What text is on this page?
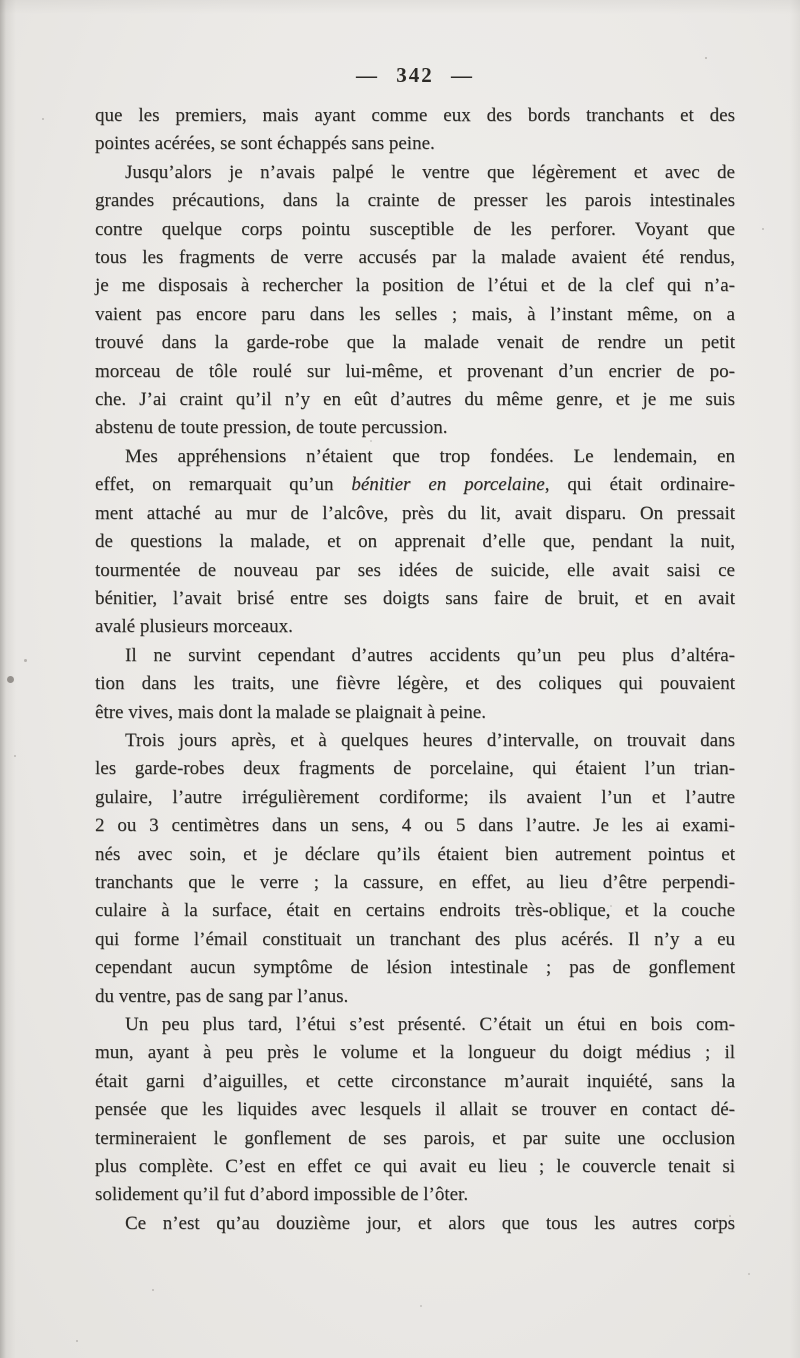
— 342 —
que les premiers, mais ayant comme eux des bords tranchants et des
pointes acérées, se sont échappés sans peine.
Jusqu’alors je n’avais palpé le ventre que légèrement et avec de
grandes précautions, dans la crainte de presser les parois intestinales
contre quelque corps pointu susceptible de les perforer. Voyant que
tous les fragments de verre accusés par la malade avaient été rendus,
je me disposais à rechercher la position de l’étui et de la clef qui n’a-
vaient pas encore paru dans les selles ; mais, à l’instant même, on a
trouvé dans la garde-robe que la malade venait de rendre un petit
morceau de tôle roulé sur lui-même, et provenant d’un encrier de po-
che. J’ai craint qu’il n’y en eût d’autres du même genre, et je me suis
abstenu de toute pression, de toute percussion.
Mes appréhensions n’étaient que trop fondées. Le lendemain, en
effet, on remarquait qu’un bénitier en porcelaine, qui était ordinaire-
ment attaché au mur de l’alcôve, près du lit, avait disparu. On pressait
de questions la malade, et on apprenait d’elle que, pendant la nuit,
tourmentée de nouveau par ses idées de suicide, elle avait saisi ce
bénitier, l’avait brisé entre ses doigts sans faire de bruit, et en avait
avalé plusieurs morceaux.
Il ne survint cependant d’autres accidents qu’un peu plus d’altéra-
tion dans les traits, une fièvre légère, et des coliques qui pouvaient
être vives, mais dont la malade se plaignait à peine.
Trois jours après, et à quelques heures d’intervalle, on trouvait dans
les garde-robes deux fragments de porcelaine, qui étaient l’un trian-
gulaire, l’autre irrégulièrement cordiforme; ils avaient l’un et l’autre
2 ou 3 centimètres dans un sens, 4 ou 5 dans l’autre. Je les ai exami-
nés avec soin, et je déclare qu’ils étaient bien autrement pointus et
tranchants que le verre ; la cassure, en effet, au lieu d’être perpendi-
culaire à la surface, était en certains endroits très-oblique, et la couche
qui forme l’émail constituait un tranchant des plus acérés. Il n’y a eu
cependant aucun symptôme de lésion intestinale ; pas de gonflement
du ventre, pas de sang par l’anus.
Un peu plus tard, l’étui s’est présenté. C’était un étui en bois com-
mun, ayant à peu près le volume et la longueur du doigt médius ; il
était garni d’aiguilles, et cette circonstance m’aurait inquiété, sans la
pensée que les liquides avec lesquels il allait se trouver en contact dé-
termineraient le gonflement de ses parois, et par suite une occlusion
plus complète. C’est en effet ce qui avait eu lieu ; le couvercle tenait si
solidement qu’il fut d’abord impossible de l’ôter.
Ce n’est qu’au douzième jour, et alors que tous les autres corps
